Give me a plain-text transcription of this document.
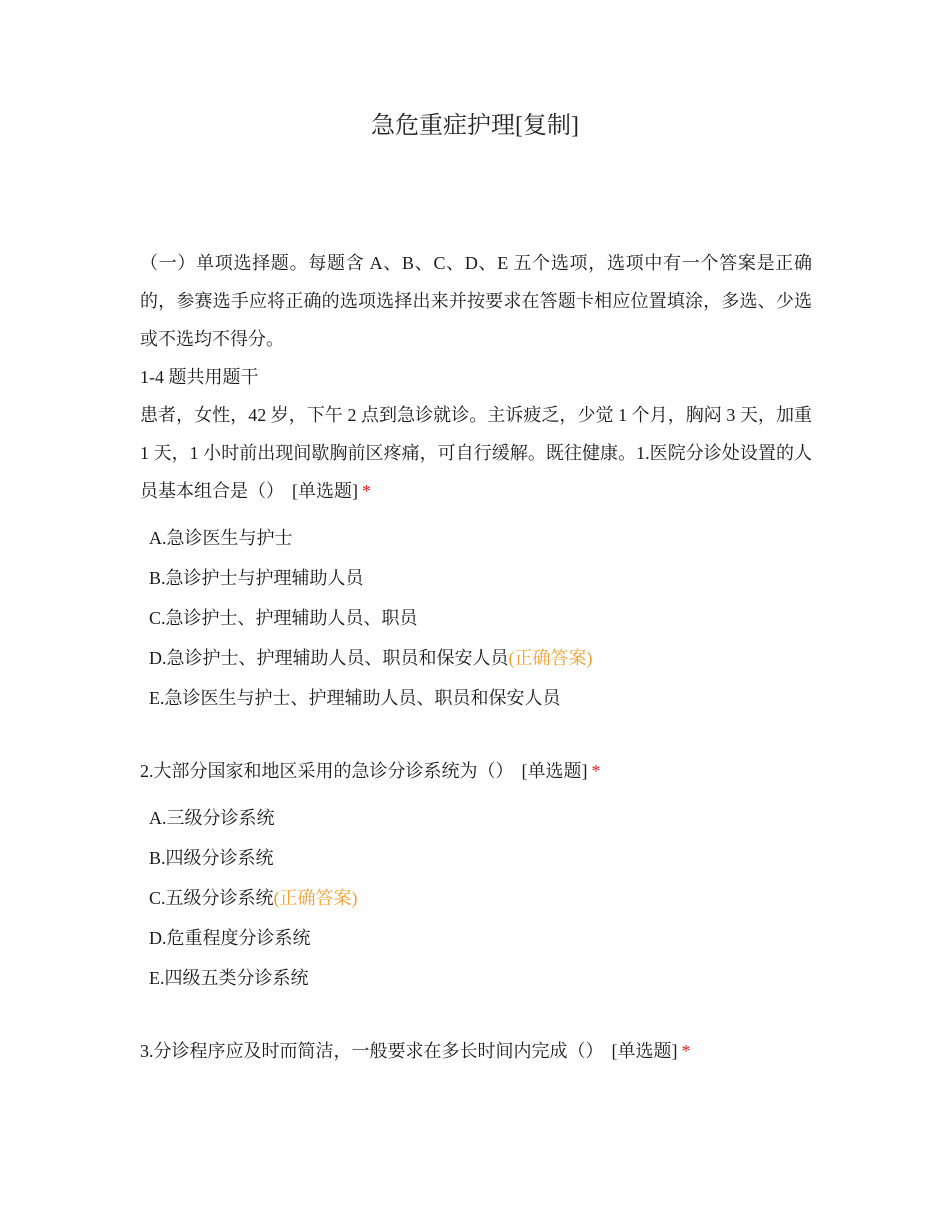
急危重症护理[复制]

（一）单项选择题。每题含 A、B、C、D、E 五个选项，选项中有一个答案是正确的，参赛选手应将正确的选项选择出来并按要求在答题卡相应位置填涂，多选、少选或不选均不得分。

1-4 题共用题干

患者，女性，42 岁，下午 2 点到急诊就诊。主诉疲乏，少觉 1 个月，胸闷 3 天，加重 1 天，1 小时前出现间歇胸前区疼痛，可自行缓解。既往健康。1.医院分诊处设置的人员基本组合是（） [单选题] *

A.急诊医生与护士
B.急诊护士与护理辅助人员
C.急诊护士、护理辅助人员、职员
D.急诊护士、护理辅助人员、职员和保安人员(正确答案)
E.急诊医生与护士、护理辅助人员、职员和保安人员

2.大部分国家和地区采用的急诊分诊系统为（） [单选题] *

A.三级分诊系统
B.四级分诊系统
C.五级分诊系统(正确答案)
D.危重程度分诊系统
E.四级五类分诊系统

3.分诊程序应及时而简洁，一般要求在多长时间内完成（） [单选题] *
